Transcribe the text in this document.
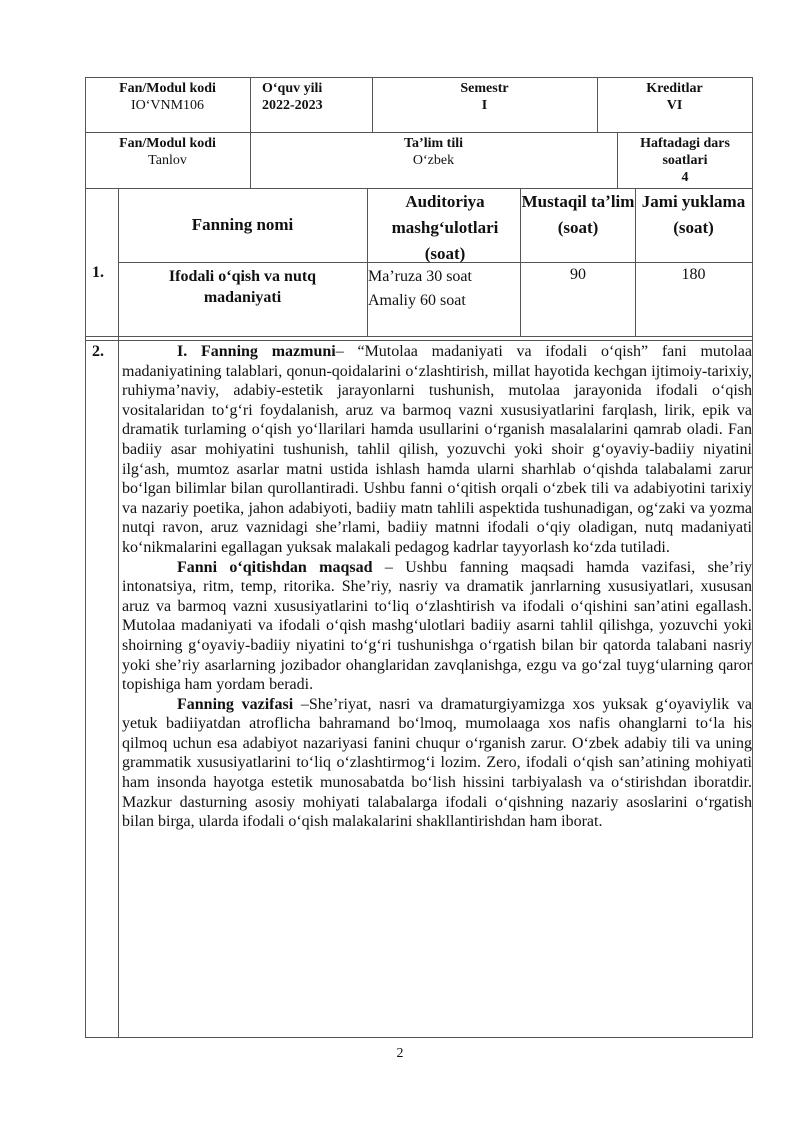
Fan/Modul kodi
IOʻVNM106
Oʻquv yili
2022-2023
Semestr
I
Kreditlar
VI
Fan/Modul kodi
Tanlov
Taʼlim tili
Oʻzbek
Haftadagi dars soatlari
4
1.
Fanning nomi
Auditoriya mashgʻulotlari (soat)
Mustaqil taʼlim (soat)
Jami yuklama (soat)
Ifodali oʻqish va nutq madaniyati
Maʼruza 30 soat
Amaliy 60 soat
90	180
2.	I. Fanning mazmuni– “Mutolaa madaniyati va ifodali oʻqish” fani mutolaa madaniyatining talablari, qonun-qoidalarini oʻzlashtirish, millat hayotida kechgan ijtimoiy-tarixiy, ruhiyma’naviy, adabiy-estetik jarayonlarni tushunish, mutolaa jarayonida ifodali oʻqish vositalaridan toʻgʻri foydalanish, aruz va barmoq vazni xususiyatlarini farqlash, lirik, epik va dramatik turlaming oʻqish yoʻllarilari hamda usullarini oʻrganish masalalarini qamrab oladi. Fan badiiy asar mohiyatini tushunish, tahlil qilish, yozuvchi yoki shoir gʻoyaviy-badiiy niyatini ilgʻash, mumtoz asarlar matni ustida ishlash hamda ularni sharhlab oʻqishda talabalami zarur boʻlgan bilimlar bilan qurollantiradi. Ushbu fanni oʻqitish orqali oʻzbek tili va adabiyotini tarixiy va nazariy poetika, jahon adabiyoti, badiiy matn tahlili aspektida tushunadigan, ogʻzaki va yozma nutqi ravon, aruz vaznidagi sheʼrlami, badiiy matnni ifodali oʻqiy oladigan, nutq madaniyati koʻnikmalarini egallagan yuksak malakali pedagog kadrlar tayyorlash koʻzda tutiladi.

Fanni oʻqitishdan maqsad – Ushbu fanning maqsadi hamda vazifasi, sheʼriy intonatsiya, ritm, temp, ritorika. Sheʼriy, nasriy va dramatik janrlarning xususiyatlari, xususan aruz va barmoq vazni xususiyatlarini toʻliq oʻzlashtirish va ifodali oʻqishini sanʼatini egallash. Mutolaa madaniyati va ifodali oʻqish mashgʻulotlari badiiy asarni tahlil qilishga, yozuvchi yoki shoirning gʻoyaviy-badiiy niyatini toʻgʻri tushunishga oʻrgatish bilan bir qatorda talabani nasriy yoki sheʼriy asarlarning jozibador ohanglaridan zavqlanishga, ezgu va goʻzal tuygʻularning qaror topishiga ham yordam beradi.

Fanning vazifasi –Sheʼriyat, nasri va dramaturgiyamizga xos yuksak gʻoyaviylik va yetuk badiiyatdan atroflicha bahramand boʻlmoq, mumolaaga xos nafis ohanglarni toʻla his qilmoq uchun esa adabiyot nazariyasi fanini chuqur oʻrganish zarur. Oʻzbek adabiy tili va uning grammatik xususiyatlarini toʻliq oʻzlashtirmogʻi lozim. Zero, ifodali oʻqish sanʼatining mohiyati ham insonda hayotga estetik munosabatda boʻlish hissini tarbiyalash va oʻstirishdan iboratdir. Mazkur dasturning asosiy mohiyati talabalarga ifodali oʻqishning nazariy asoslarini oʻrgatish bilan birga, ularda ifodali oʻqish malakalarini shakllantirishdan ham iborat.

2
